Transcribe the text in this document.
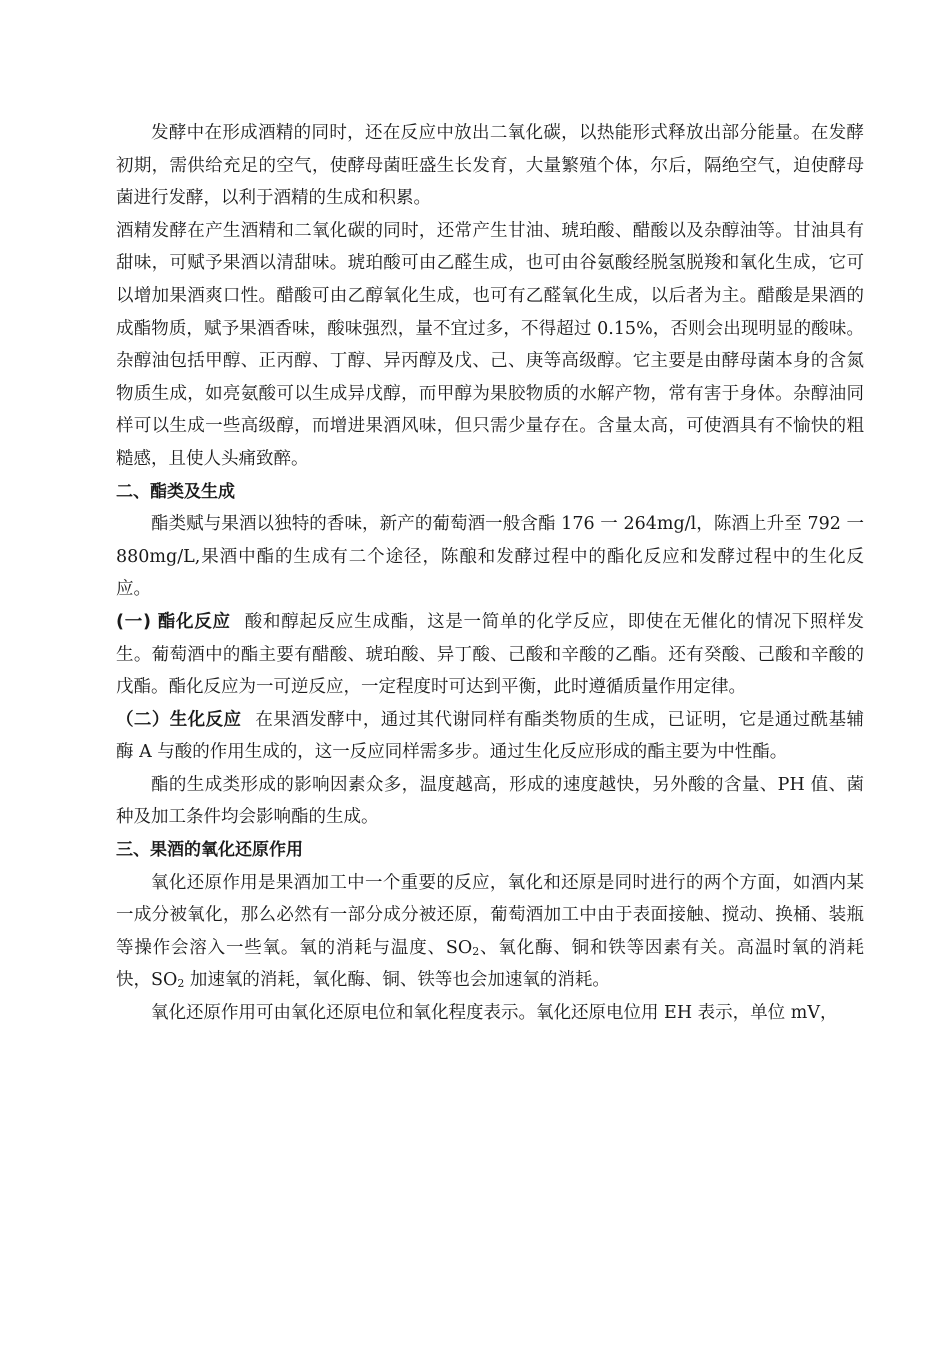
发酵中在形成酒精的同时，还在反应中放出二氧化碳，以热能形式释放出部分能量。在发酵初期，需供给充足的空气，使酵母菌旺盛生长发育，大量繁殖个体，尔后，隔绝空气，迫使酵母菌进行发酵，以利于酒精的生成和积累。

酒精发酵在产生酒精和二氧化碳的同时，还常产生甘油、琥珀酸、醋酸以及杂醇油等。甘油具有甜味，可赋予果酒以清甜味。琥珀酸可由乙醛生成，也可由谷氨酸经脱氢脱羧和氧化生成，它可以增加果酒爽口性。醋酸可由乙醇氧化生成，也可有乙醛氧化生成，以后者为主。醋酸是果酒的成酯物质，赋予果酒香味，酸味强烈，量不宜过多，不得超过 0.15%，否则会出现明显的酸味。杂醇油包括甲醇、正丙醇、丁醇、异丙醇及戊、己、庚等高级醇。它主要是由酵母菌本身的含氮物质生成，如亮氨酸可以生成异戊醇，而甲醇为果胶物质的水解产物，常有害于身体。杂醇油同样可以生成一些高级醇，而增进果酒风味，但只需少量存在。含量太高，可使酒具有不愉快的粗糙感，且使人头痛致醉。

二、酯类及生成

酯类赋与果酒以独特的香味，新产的葡萄酒一般含酯 176 一 264mg/l，陈酒上升至 792 一 880mg/L,果酒中酯的生成有二个途径，陈酿和发酵过程中的酯化反应和发酵过程中的生化反应。

(一) 酯化反应 酸和醇起反应生成酯，这是一简单的化学反应，即使在无催化的情况下照样发生。葡萄酒中的酯主要有醋酸、琥珀酸、异丁酸、己酸和辛酸的乙酯。还有癸酸、己酸和辛酸的戊酯。酯化反应为一可逆反应，一定程度时可达到平衡，此时遵循质量作用定律。

（二）生化反应 在果酒发酵中，通过其代谢同样有酯类物质的生成，已证明，它是通过酰基辅酶 A 与酸的作用生成的，这一反应同样需多步。通过生化反应形成的酯主要为中性酯。

酯的生成类形成的影响因素众多，温度越高，形成的速度越快，另外酸的含量、PH 值、菌种及加工条件均会影响酯的生成。

三、果酒的氧化还原作用

氧化还原作用是果酒加工中一个重要的反应，氧化和还原是同时进行的两个方面，如酒内某一成分被氧化，那么必然有一部分成分被还原，葡萄酒加工中由于表面接触、搅动、换桶、装瓶等操作会溶入一些氧。氧的消耗与温度、$SO_2$、氧化酶、铜和铁等因素有关。高温时氧的消耗快，$SO_2$ 加速氧的消耗，氧化酶、铜、铁等也会加速氧的消耗。

氧化还原作用可由氧化还原电位和氧化程度表示。氧化还原电位用 EH 表示，单位 mV，
